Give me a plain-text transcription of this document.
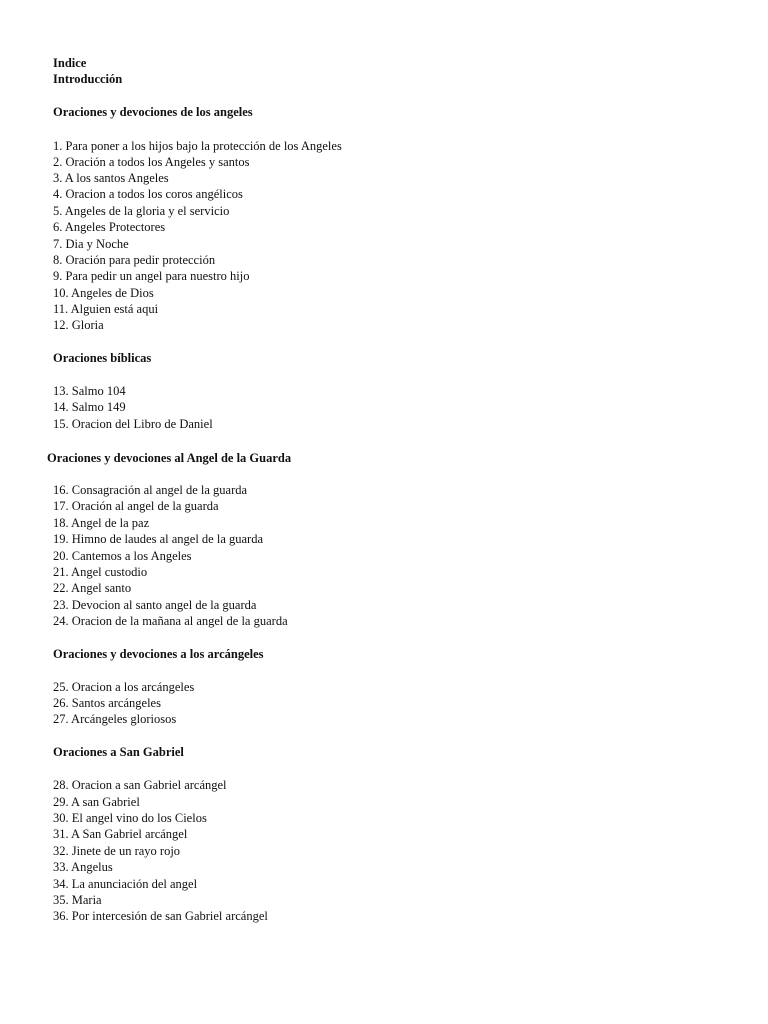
Indice
Introducción
Oraciones y devociones de los angeles
1. Para poner a los hijos bajo la protección de los Angeles
2. Oración a todos los Angeles y santos
3. A los santos Angeles
4. Oracion a todos los coros angélicos
5. Angeles de la gloria y el servicio
6. Angeles Protectores
7. Dia y Noche
8. Oración para pedir protección
9. Para pedir un angel para nuestro hijo
10. Angeles de Dios
11. Alguien está aqui
12. Gloria
Oraciones bíblicas
13. Salmo 104
14. Salmo 149
15. Oracion del Libro de Daniel
Oraciones y devociones al Angel de la Guarda
16. Consagración al angel de la guarda
17. Oración al angel de la guarda
18. Angel de la paz
19. Himno de laudes al angel de la guarda
20. Cantemos a los Angeles
21. Angel custodio
22. Angel santo
23. Devocion al santo angel de la guarda
24. Oracion de la mañana al angel de la guarda
Oraciones y devociones a los arcángeles
25. Oracion a los arcángeles
26. Santos arcángeles
27. Arcángeles gloriosos
Oraciones a San Gabriel
28. Oracion a san Gabriel arcángel
29. A san Gabriel
30. El angel vino do los Cielos
31. A San Gabriel arcángel
32. Jinete de un rayo rojo
33. Angelus
34. La anunciación del angel
35. Maria
36. Por intercesión de san Gabriel arcángel
